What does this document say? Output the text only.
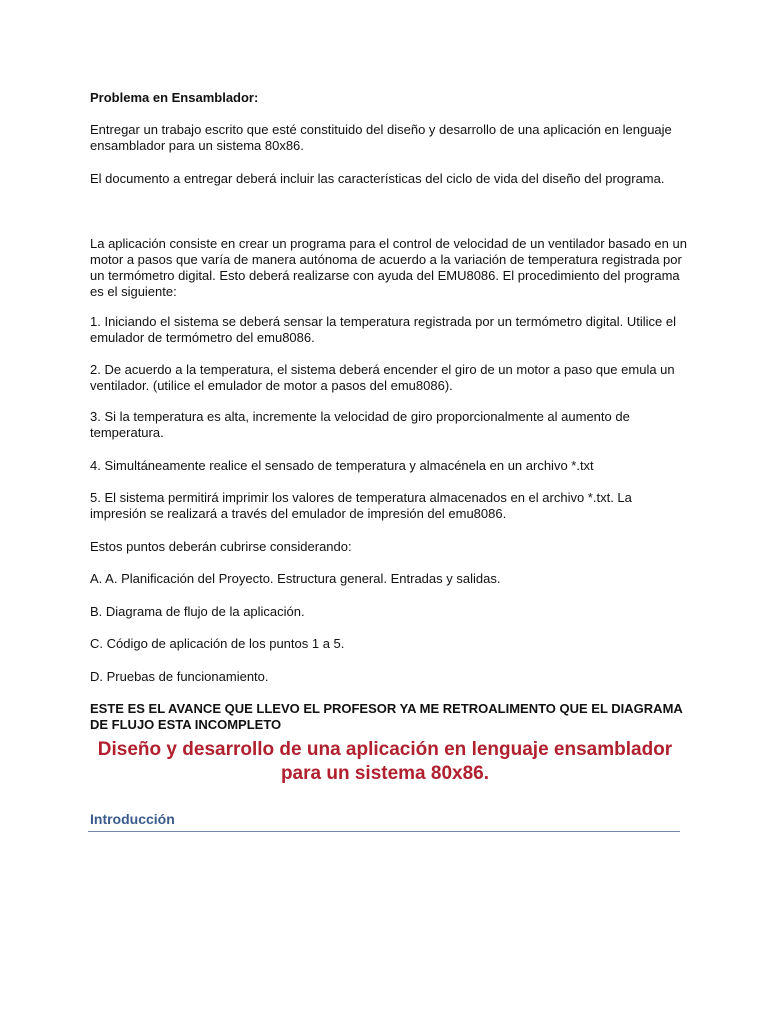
Problema en Ensamblador:

Entregar un trabajo escrito que esté constituido del diseño y desarrollo de una aplicación en lenguaje ensamblador para un sistema 80x86.

El documento a entregar deberá incluir las características del ciclo de vida del diseño del programa.

La aplicación consiste en crear un programa para el control de velocidad de un ventilador basado en un motor a pasos que varía de manera autónoma de acuerdo a la variación de temperatura registrada por un termómetro digital. Esto deberá realizarse con ayuda del EMU8086. El procedimiento del programa es el siguiente:

1. Iniciando el sistema se deberá sensar la temperatura registrada por un termómetro digital. Utilice el emulador de termómetro del emu8086.

2. De acuerdo a la temperatura, el sistema deberá encender el giro de un motor a paso que emula un ventilador. (utilice el emulador de motor a pasos del emu8086).

3. Si la temperatura es alta, incremente la velocidad de giro proporcionalmente al aumento de temperatura.

4. Simultáneamente realice el sensado de temperatura y almacénela en un archivo *.txt

5. El sistema permitirá imprimir los valores de temperatura almacenados en el archivo *.txt. La impresión se realizará a través del emulador de impresión del emu8086.

Estos puntos deberán cubrirse considerando:

A. A. Planificación del Proyecto. Estructura general. Entradas y salidas.

B. Diagrama de flujo de la aplicación.

C. Código de aplicación de los puntos 1 a 5.

D. Pruebas de funcionamiento.

ESTE ES EL AVANCE QUE LLEVO EL PROFESOR YA ME RETROALIMENTO QUE EL DIAGRAMA DE FLUJO ESTA INCOMPLETO

Diseño y desarrollo de una aplicación en lenguaje ensamblador para un sistema 80x86.

Introducción
